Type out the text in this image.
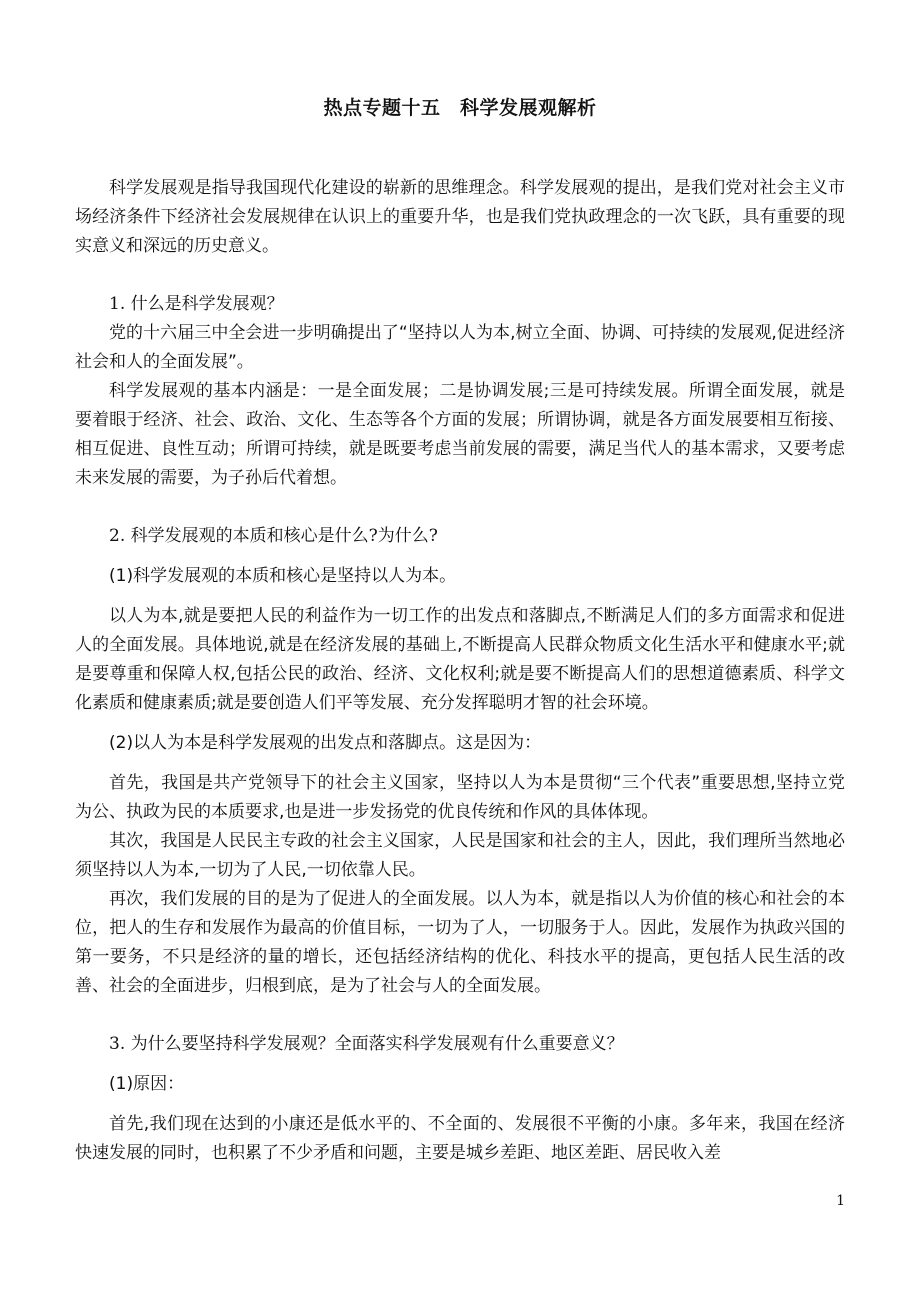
热点专题十五　科学发展观解析

科学发展观是指导我国现代化建设的崭新的思维理念。科学发展观的提出，是我们党对社会主义市场经济条件下经济社会发展规律在认识上的重要升华，也是我们党执政理念的一次飞跃，具有重要的现实意义和深远的历史意义。

1. 什么是科学发展观？

党的十六届三中全会进一步明确提出了“坚持以人为本,树立全面、协调、可持续的发展观,促进经济社会和人的全面发展”。

科学发展观的基本内涵是：一是全面发展；二是协调发展;三是可持续发展。所谓全面发展，就是要着眼于经济、社会、政治、文化、生态等各个方面的发展；所谓协调，就是各方面发展要相互衔接、相互促进、良性互动；所谓可持续，就是既要考虑当前发展的需要，满足当代人的基本需求，又要考虑未来发展的需要，为子孙后代着想。

2. 科学发展观的本质和核心是什么?为什么?

(1)科学发展观的本质和核心是坚持以人为本。

以人为本,就是要把人民的利益作为一切工作的出发点和落脚点,不断满足人们的多方面需求和促进人的全面发展。具体地说,就是在经济发展的基础上,不断提高人民群众物质文化生活水平和健康水平;就是要尊重和保障人权,包括公民的政治、经济、文化权利;就是要不断提高人们的思想道德素质、科学文化素质和健康素质;就是要创造人们平等发展、充分发挥聪明才智的社会环境。

(2)以人为本是科学发展观的出发点和落脚点。这是因为：

首先，我国是共产党领导下的社会主义国家，坚持以人为本是贯彻“三个代表”重要思想,坚持立党为公、执政为民的本质要求,也是进一步发扬党的优良传统和作风的具体体现。

其次，我国是人民民主专政的社会主义国家，人民是国家和社会的主人，因此，我们理所当然地必须坚持以人为本,一切为了人民,一切依靠人民。

再次，我们发展的目的是为了促进人的全面发展。以人为本，就是指以人为价值的核心和社会的本位，把人的生存和发展作为最高的价值目标，一切为了人，一切服务于人。因此，发展作为执政兴国的第一要务，不只是经济的量的增长，还包括经济结构的优化、科技水平的提高，更包括人民生活的改善、社会的全面进步，归根到底，是为了社会与人的全面发展。

3. 为什么要坚持科学发展观？全面落实科学发展观有什么重要意义？

(1)原因：

首先,我们现在达到的小康还是低水平的、不全面的、发展很不平衡的小康。多年来，我国在经济快速发展的同时，也积累了不少矛盾和问题，主要是城乡差距、地区差距、居民收入差

1
